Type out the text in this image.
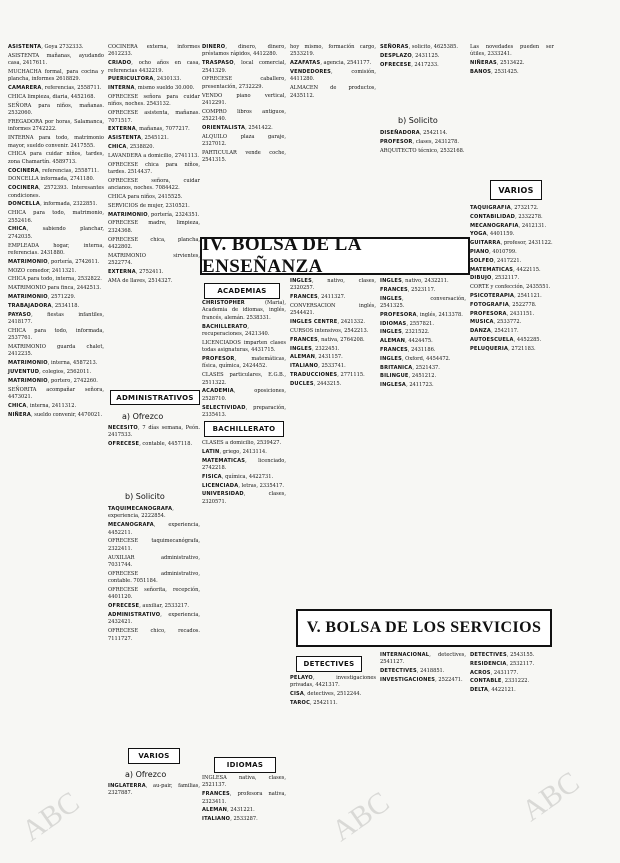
ASISTENTA, Goya 2732333.

ASISTENTA mañanas, ayudando casa, 2417611.

MUCHACHA formal, para cocina y plancha, informes 2618829.

CAMARERA, referencias, 2558711.

CHICA limpieza, diaria, 4452168.

SEÑORA para niños, mañanas. 2532060.

FREGADORA por horas, Salamanca, informes 2742222.

INTERNA para todo, matrimonio mayor, sueldo convenir. 2417555.

CHICA para cuidar niños, tardes, zona Chamartín. 4589713.

COCINERA, referencias, 2558711.

DONCELLA informada, 2741180.

COCINERA, 2572393. Interesantes condiciones.

DONCELLA, informada, 2322851.

CHICA para todo, matrimonio, 2552416.

CHICA, sabiendo planchar, 2742035.

EMPLEADA hogar, interna, referencias. 2431880.

MATRIMONIO, portería, 2742611.

MOZO comedor, 2411321.

CHICA para todo, interna, 2532822.

MATRIMONIO para finca, 2442513.

MATRIMONIO, 2571229.

TRABAJADORA, 2534118.

PAYASO, fiestas infantiles, 2418177.

CHICA para todo, informada, 2537761.

MATRIMONIO guarda chalet, 2412235.

MATRIMONIO, interna, 4587213.

JUVENTUD, colegios, 2562011.

MATRIMONIO, portero, 2742260.

SEÑORITA acompañar señora, 4473021.

CHICA, interna, 2411312.

NIÑERA, sueldo convenir, 4470021.

COCINERA externa, informes 2612233.

CRIADO, ocho años en casa, referencias 4432219.

PUERICULTORA, 2430133.

INTERNA, mismo sueldo 30.000.

OFRECESE señora para cuidar niños, noches. 2543132.

OFRECESE asistenta, mañanas. 7071517.

EXTERNA, mañanas, 7077217.

ASISTENTA, 2545121.

CHICA, 2538820.

LAVANDERA a domicilio, 2741113.

OFRECESE chica para niños, tardes. 2514437.

OFRECESE señora, cuidar ancianos, noches. 7084422.

CHICA para niños, 2415525.

SERVICIOS de mujer, 2310521.

MATRIMONIO, portería, 2324351.

OFRECESE madre, limpieza, 2324368.

OFRECESE chica, plancha, 4422802.

MATRIMONIO sirvientes, 2522774.

EXTERNA, 2752411.

AMA de llaves, 2514327.

ADMINISTRATIVOS
a) Ofrezco

NECESITO, 7 días semana, Peón. 2417533.

OFRECESE, contable, 4457118.

b) Solicito

TAQUIMECANOGRAFA, experiencia, 2222854.

MECANOGRAFA, experiencia, 4452211.

OFRECESE taquimecanógrafa, 2322411.

AUXILIAR administrativo, 7031744.

OFRECESE administrativo, contable. 7051184.

OFRECESE señorita, recepción, 4401120.

OFRECESE, auxiliar, 2533217.

ADMINISTRATIVO, experiencia, 2432421.

OFRECESE chico, recados. 7111727.

VARIOS
a) Ofrezco

INGLATERRA, au-pair, familias, 2327887.

DINERO, dinero, dinero, préstamos rápidos, 4412280.

TRASPASO, local comercial, 2541329.

OFRECESE caballero, presentación, 2732229.

VENDO piano vertical, 2412291.

COMPRO libros antiguos, 2522140.

ORIENTALISTA, 2541422.

ALQUILO plaza garaje, 2327012.

PARTICULAR vende coche, 2541315.

hoy mismo, formación cargo, 2533219.

AZAFATAS, agencia, 2541177.

VENDEDORES, comisión, 4411280.

ALMACEN de productos, 2435112.

SEÑORAS, solicito, 4625385.

DESPLAZO, 2431125.

OFRECESE, 2417233.

b) Solicito

DISEÑADORA, 2542114.

PROFESOR, clases, 2431278.

ARQUITECTO técnico, 2532168.

Las novedades pueden ser útiles, 2333241.

NIÑERAS, 2513422.

BANOS, 2531425.

VARIOS

TAQUIGRAFIA, 2732172.

CONTABILIDAD, 2332278.

MECANOGRAFIA, 2412131.

YOGA, 4401159.

GUITARRA, profesor, 2431122.

PIANO, 4010799.

SOLFEO, 2417221.

MATEMATICAS, 4422115.

DIBUJO, 2532117.

CORTE y confección, 2435551.

PSICOTERAPIA, 2541121.

FOTOGRAFIA, 2522778.

PROFESORA, 2431151.

MUSICA, 2533772.

DANZA, 2542117.

AUTOESCUELA, 4452285.

PELUQUERIA, 2721183.

IV. BOLSA DE LA ENSEÑANZA
ACADEMIAS

CHRISTOPHER (Maria), Academia de idiomas, inglés, francés, alemán. 2538331.

BACHILLERATO, recuperaciones, 2421340.

LICENCIADOS imparten clases todas asignaturas, 4431715.

PROFESOR, matemáticas, física, química, 2424452.

CLASES particulares, E.G.B., 2511322.

ACADEMIA, oposiciones, 2528710.

SELECTIVIDAD, preparación, 2335413.

BACHILLERATO

CLASES a domicilio, 2539427.

LATIN, griego, 2413114.

MATEMATICAS, licenciado, 2742218.

FISICA, química, 4422731.

LICENCIADA, letras, 2335417.

UNIVERSIDAD, clases, 2320571.

IDIOMAS

INGLESA nativa, clases, 2521137.

FRANCES, profesora nativa, 2323411.

ALEMAN, 2431221.

ITALIANO, 2533287.

INGLES, nativo, clases, 2320257.

FRANCES, 2411327.

CONVERSACION inglés, 2544421.

INGLES CENTRE, 2421332.

CURSOS intensivos, 2542213.

FRANCES, nativa, 2764208.

INGLES, 2322451.

ALEMAN, 2431157.

ITALIANO, 2533741.

TRADUCCIONES, 2771115.

DUCLES, 2443215.

INGLES, nativo, 2432211.

FRANCES, 2523117.

INGLES, conversación, 2541325.

PROFESORA, inglés, 2413378.

IDIOMAS, 2557821.

INGLES, 2321522.

ALEMAN, 4424475.

FRANCES, 2431186.

INGLES, Oxford, 4454472.

BRITANICA, 2521437.

BILINGUE, 2451212.

INGLESA, 2411723.

V. BOLSA DE LOS SERVICIOS
DETECTIVES

PELAYO, investigaciones privadas, 4421317.

CISA, detectives, 2512244.

TAROC, 2542111.

INTERNACIONAL, detectives, 2541127.

DETECTIVES, 2418851.

INVESTIGACIONES, 2522471.

DETECTIVES, 2543155.

RESIDENCIA, 2532117.

ACROS, 2431177.

CONTABLE, 2331222.

DELTA, 4422121.

ABC	ABC	ABC
